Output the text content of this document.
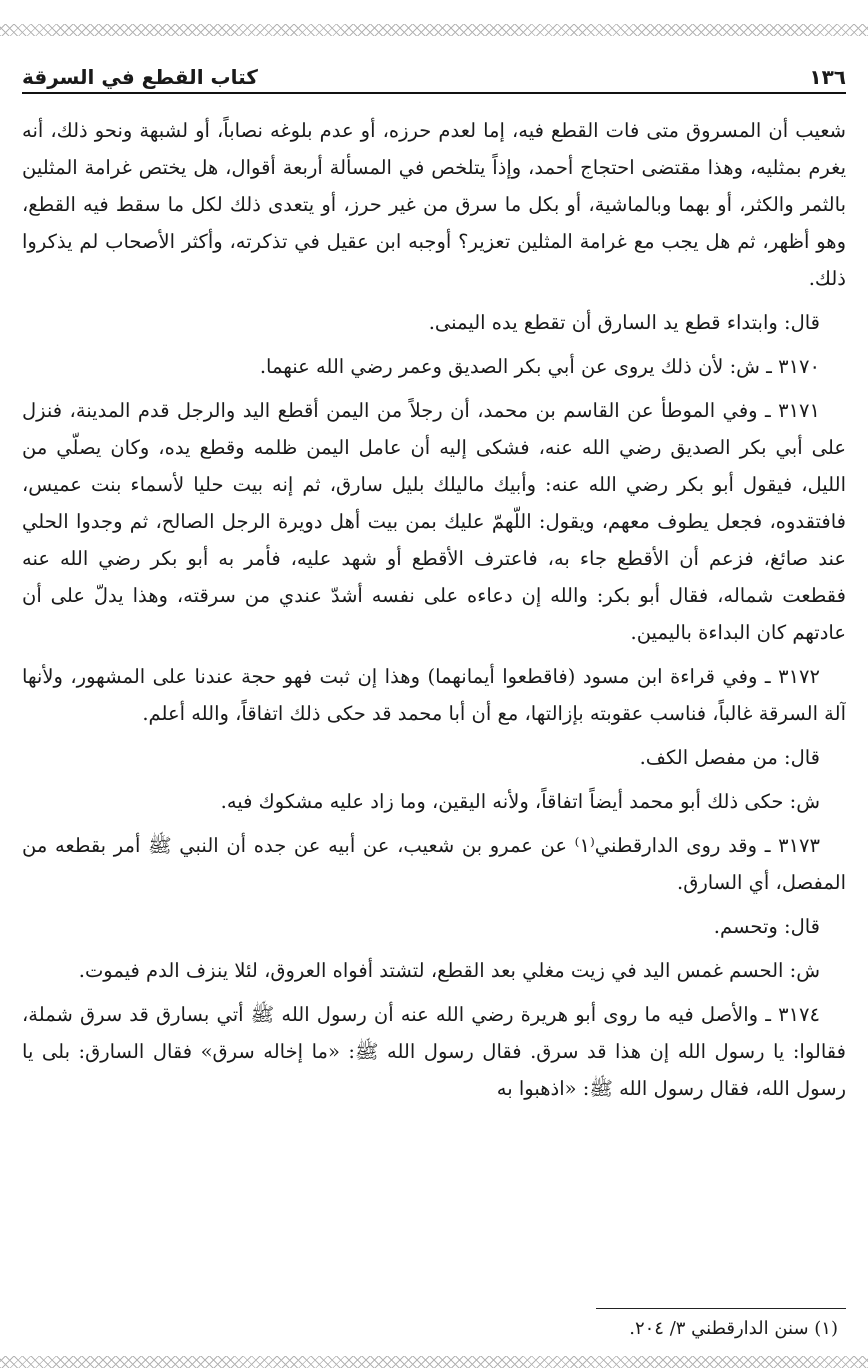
١٣٦
كتاب القطع في السرقة

شعيب أن المسروق متى فات القطع فيه، إما لعدم حرزه، أو عدم بلوغه نصاباً، أو لشبهة ونحو ذلك، أنه يغرم بمثليه، وهذا مقتضى احتجاج أحمد، وإذاً يتلخص في المسألة أربعة أقوال، هل يختص غرامة المثلين بالثمر والكثر، أو بهما وبالماشية، أو بكل ما سرق من غير حرز، أو يتعدى ذلك لكل ما سقط فيه القطع، وهو أظهر، ثم هل يجب مع غرامة المثلين تعزير؟ أوجبه ابن عقيل في تذكرته، وأكثر الأصحاب لم يذكروا ذلك.

قال: وابتداء قطع يد السارق أن تقطع يده اليمنى.

٣١٧٠ ـ ش: لأن ذلك يروى عن أبي بكر الصديق وعمر رضي الله عنهما.

٣١٧١ ـ وفي الموطأ عن القاسم بن محمد، أن رجلاً من اليمن أقطع اليد والرجل قدم المدينة، فنزل على أبي بكر الصديق رضي الله عنه، فشكى إليه أن عامل اليمن ظلمه وقطع يده، وكان يصلّي من الليل، فيقول أبو بكر رضي الله عنه: وأبيك ماليلك بليل سارق، ثم إنه بيت حليا لأسماء بنت عميس، فافتقدوه، فجعل يطوف معهم، ويقول: اللّهمّ عليك بمن بيت أهل دويرة الرجل الصالح، ثم وجدوا الحلي عند صائغ، فزعم أن الأقطع جاء به، فاعترف الأقطع أو شهد عليه، فأمر به أبو بكر رضي الله عنه فقطعت شماله، فقال أبو بكر: والله إن دعاءه على نفسه أشدّ عندي من سرقته، وهذا يدلّ على أن عادتهم كان البداءة باليمين.

٣١٧٢ ـ وفي قراءة ابن مسود (فاقطعوا أيمانهما) وهذا إن ثبت فهو حجة عندنا على المشهور، ولأنها آلة السرقة غالباً، فناسب عقوبته بإزالتها، مع أن أبا محمد قد حكى ذلك اتفاقاً، والله أعلم.

قال: من مفصل الكف.

ش: حكى ذلك أبو محمد أيضاً اتفاقاً، ولأنه اليقين، وما زاد عليه مشكوك فيه.

٣١٧٣ ـ وقد روى الدارقطني⁽١⁾ عن عمرو بن شعيب، عن أبيه عن جده أن النبي ﷺ أمر بقطعه من المفصل، أي السارق.

قال: وتحسم.

ش: الحسم غمس اليد في زيت مغلي بعد القطع، لتشتد أفواه العروق، لئلا ينزف الدم فيموت.

٣١٧٤ ـ والأصل فيه ما روى أبو هريرة رضي الله عنه أن رسول الله ﷺ أتي بسارق قد سرق شملة، فقالوا: يا رسول الله إن هذا قد سرق. فقال رسول الله ﷺ: «ما إخاله سرق» فقال السارق: بلى يا رسول الله، فقال رسول الله ﷺ: «اذهبوا به

(١) سنن الدارقطني ٣/ ٢٠٤.
